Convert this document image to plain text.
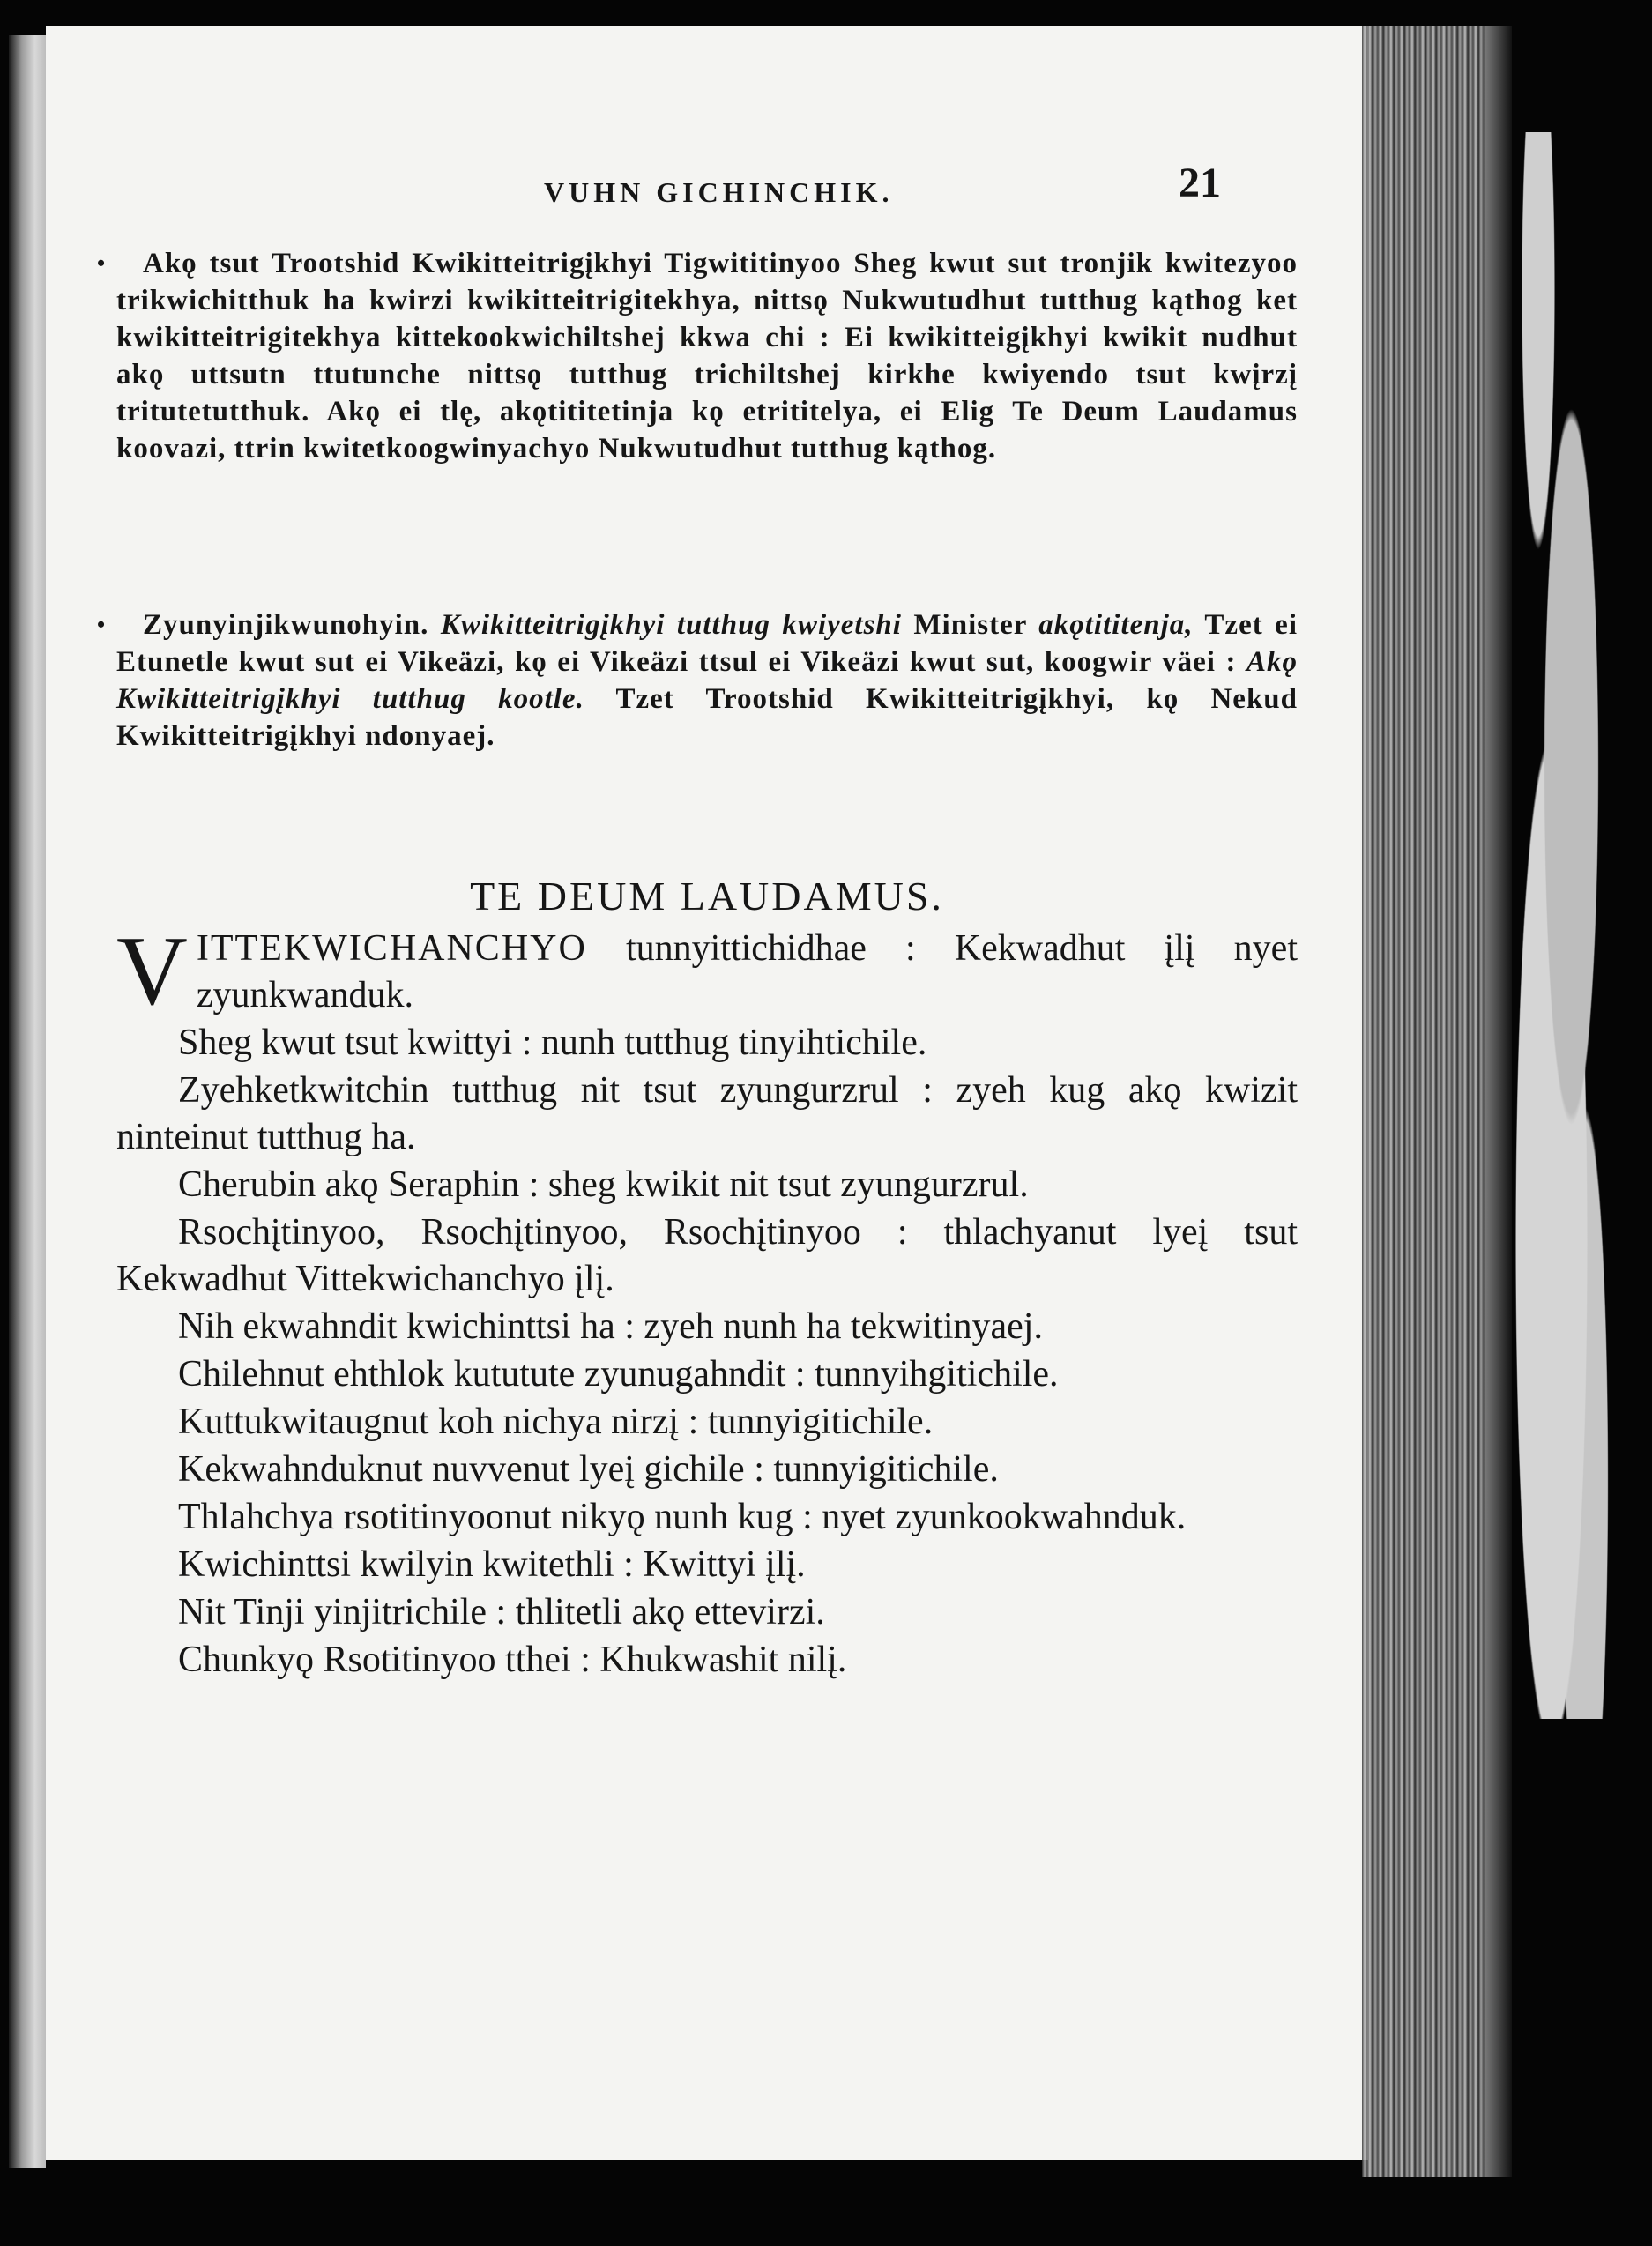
VUHN GICHINCHIK.	21
•	Akǫ tsut Trootshid Kwikitteitrigįkhyi Tigwititinyoo Sheg kwut sut tronjik kwitezyoo trikwichitthuk ha kwirzi kwikitteitrigitekhya, nittsǫ Nukwutudhut tutthug kąthog ket kwikitteitrigitekhya kittekookwichiltshej kkwa chi : Ei kwikitteigįkhyi kwikit nudhut akǫ uttsutn ttutunche nittsǫ tutthug trichiltshej kirkhe kwiyendo tsut kwįrzį tritutetutthuk. Akǫ ei tlę, akǫtititetinja kǫ etrititelya, ei Elig Te Deum Laudamus koovazi, ttrin kwitetkoogwinyachyo Nukwutudhut tutthug kąthog.

•	Zyunyinjikwunohyin. Kwikitteitrigįkhyi tutthug kwiyetshi Minister akǫtititenja, Tzet ei Etunetle kwut sut ei Vikeäzi, kǫ ei Vikeäzi ttsul ei Vikeäzi kwut sut, koogwir väei : Akǫ Kwikitteitrigįkhyi tutthug kootle. Tzet Trootshid Kwikitteitrigįkhyi, kǫ Nekud Kwikitteitrigįkhyi ndonyaej.

TE DEUM LAUDAMUS.

VITTEKWICHANCHYO tunnyittichidhae : Kekwadhut įlį nyet zyunkwanduk.

Sheg kwut tsut kwittyi : nunh tutthug tinyihtichile.

Zyehketkwitchin tutthug nit tsut zyungurzrul : zyeh kug akǫ kwizit ninteinut tutthug ha.

Cherubin akǫ Seraphin : sheg kwikit nit tsut zyungurzrul.

Rsochįtinyoo, Rsochįtinyoo, Rsochįtinyoo : thlachyanut lyeį tsut Kekwadhut Vittekwichanchyo įlį.

Nih ekwahndit kwichinttsi ha : zyeh nunh ha tekwitinyaej.

Chilehnut ehthlok kututute zyunugahndit : tunnyihgitichile.

Kuttukwitaugnut koh nichya nirzį : tunnyigitichile.

Kekwahnduknut nuvvenut lyeį gichile : tunnyigitichile.

Thlahchya rsotitinyoonut nikyǫ nunh kug : nyet zyunkookwahnduk.

Kwichinttsi kwilyin kwitethli : Kwittyi įlį.

Nit Tinji yinjitrichile : thlitetli akǫ ettevirzi.

Chunkyǫ Rsotitinyoo tthei : Khukwashit nilį.
